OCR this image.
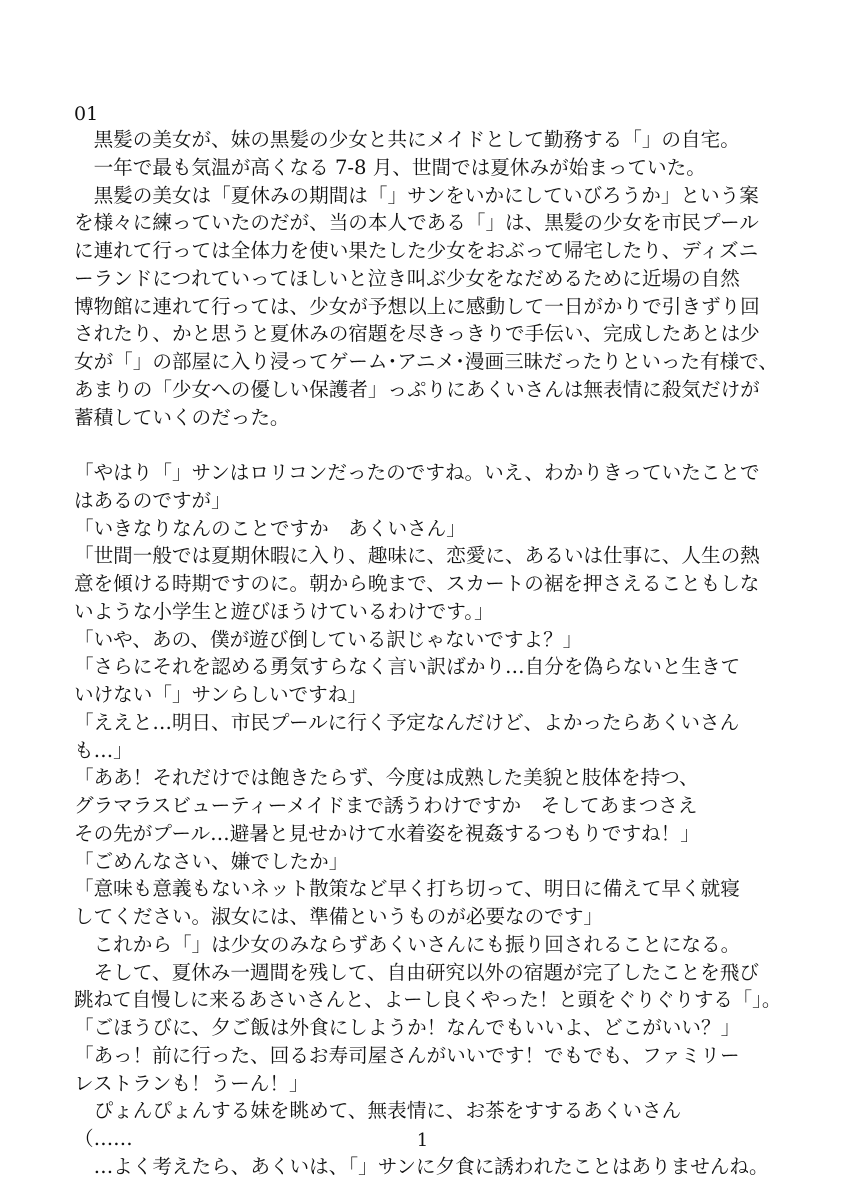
01
　黒髪の美女が、妹の黒髪の少女と共にメイドとして勤務する「」の自宅。
　一年で最も気温が高くなる 7-8 月、世間では夏休みが始まっていた。
　黒髪の美女は「夏休みの期間は「」サンをいかにしていびろうか」という案
を様々に練っていたのだが、当の本人である「」は、黒髪の少女を市民プール
に連れて行っては全体力を使い果たした少女をおぶって帰宅したり、ディズニ
ーランドにつれていってほしいと泣き叫ぶ少女をなだめるために近場の自然
博物館に連れて行っては、少女が予想以上に感動して一日がかりで引きずり回
されたり、かと思うと夏休みの宿題を尽きっきりで手伝い、完成したあとは少
女が「」の部屋に入り浸ってゲーム･アニメ･漫画三昧だったりといった有様で、
あまりの「少女への優しい保護者」っぷりにあくいさんは無表情に殺気だけが
蓄積していくのだった。
「やはり「」サンはロリコンだったのですね。いえ、わかりきっていたことで
はあるのですが」
「いきなりなんのことですか　あくいさん」
「世間一般では夏期休暇に入り、趣味に、恋愛に、あるいは仕事に、人生の熱
意を傾ける時期ですのに。朝から晩まで、スカートの裾を押さえることもしな
いような小学生と遊びほうけているわけです。」
「いや、あの、僕が遊び倒している訳じゃないですよ？」
「さらにそれを認める勇気すらなく言い訳ばかり…自分を偽らないと生きて
いけない「」サンらしいですね」
「ええと…明日、市民プールに行く予定なんだけど、よかったらあくいさん
も…」
「ああ！それだけでは飽きたらず、今度は成熟した美貌と肢体を持つ、
グラマラスビューティーメイドまで誘うわけですか　そしてあまつさえ
その先がプール…避暑と見せかけて水着姿を視姦するつもりですね！」
「ごめんなさい、嫌でしたか」
「意味も意義もないネット散策など早く打ち切って、明日に備えて早く就寝
してください。淑女には、準備というものが必要なのです」
　これから「」は少女のみならずあくいさんにも振り回されることになる。
　そして、夏休み一週間を残して、自由研究以外の宿題が完了したことを飛び
跳ねて自慢しに来るあさいさんと、よーし良くやった！と頭をぐりぐりする「」。
「ごほうびに、夕ご飯は外食にしようか！なんでもいいよ、どこがいい？」
「あっ！前に行った、回るお寿司屋さんがいいです！でもでも、ファミリー
レストランも！うーん！」
　ぴょんぴょんする妹を眺めて、無表情に、お茶をすするあくいさん
（……
　…よく考えたら、あくいは、「」サンに夕食に誘われたことはありませんね。
1
